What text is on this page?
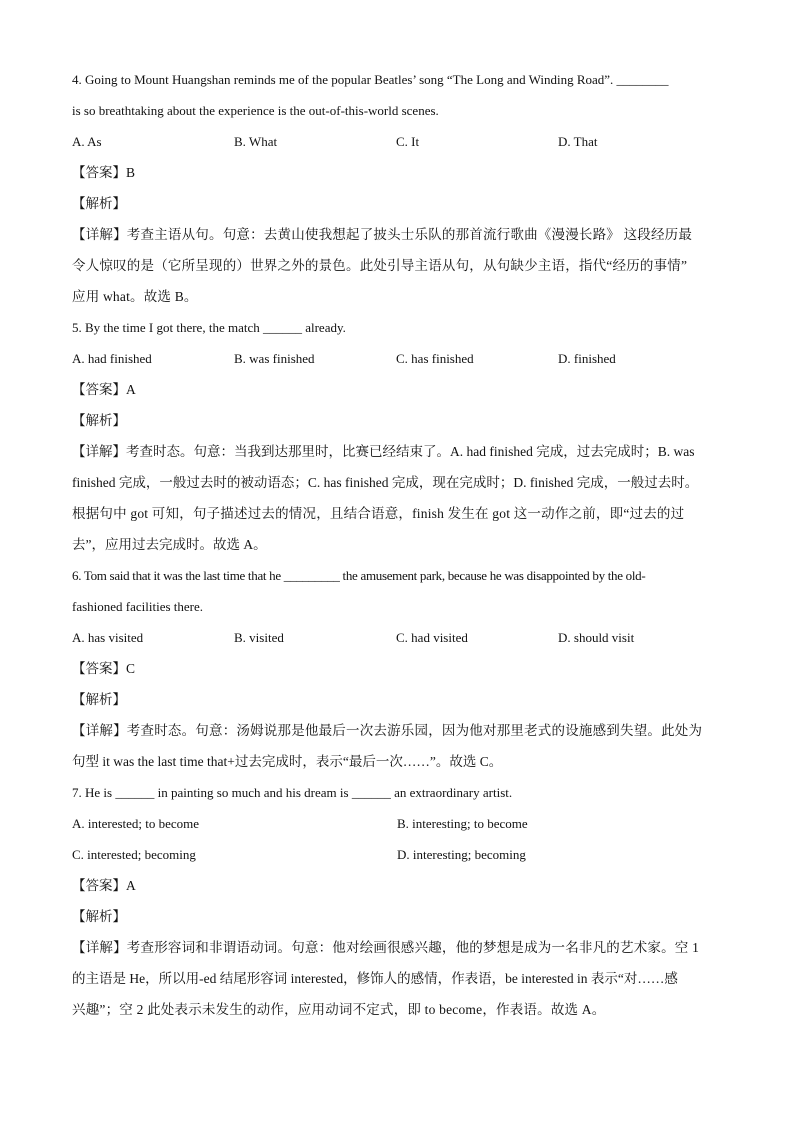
4. Going to Mount Huangshan reminds me of the popular Beatles’ song “The Long and Winding Road”. ________
is so breathtaking about the experience is the out-of-this-world scenes.
A. As	B. What	C. It	D. That
【答案】B
【解析】
【详解】考查主语从句。句意：去黄山使我想起了披头士乐队的那首流行歌曲《漫漫长路》 这段经历最
令人惊叹的是（它所呈现的）世界之外的景色。此处引导主语从句，从句缺少主语，指代“经历的事情”
应用 what。故选 B。
5. By the time I got there, the match ______ already.
A. had finished	B. was finished	C. has finished	D. finished
【答案】A
【解析】
【详解】考查时态。句意：当我到达那里时，比赛已经结束了。A. had finished 完成，过去完成时；B. was
finished 完成，一般过去时的被动语态；C. has finished 完成，现在完成时；D. finished 完成，一般过去时。
根据句中 got 可知，句子描述过去的情况，且结合语意，finish 发生在 got 这一动作之前，即“过去的过
去”，应用过去完成时。故选 A。
6. Tom said that it was the last time that he _________ the amusement park, because he was disappointed by the old-
fashioned facilities there.
A. has visited	B. visited	C. had visited	D. should visit
【答案】C
【解析】
【详解】考查时态。句意：汤姆说那是他最后一次去游乐园，因为他对那里老式的设施感到失望。此处为
句型 it was the last time that+过去完成时，表示“最后一次……”。故选 C。
7. He is ______ in painting so much and his dream is ______ an extraordinary artist.
A. interested; to become	B. interesting; to become
C. interested; becoming	D. interesting; becoming
【答案】A
【解析】
【详解】考查形容词和非谓语动词。句意：他对绘画很感兴趣，他的梦想是成为一名非凡的艺术家。空 1
的主语是 He，所以用-ed 结尾形容词 interested，修饰人的感情，作表语，be interested in 表示“对……感
兴趣”；空 2 此处表示未发生的动作，应用动词不定式，即 to become，作表语。故选 A。
